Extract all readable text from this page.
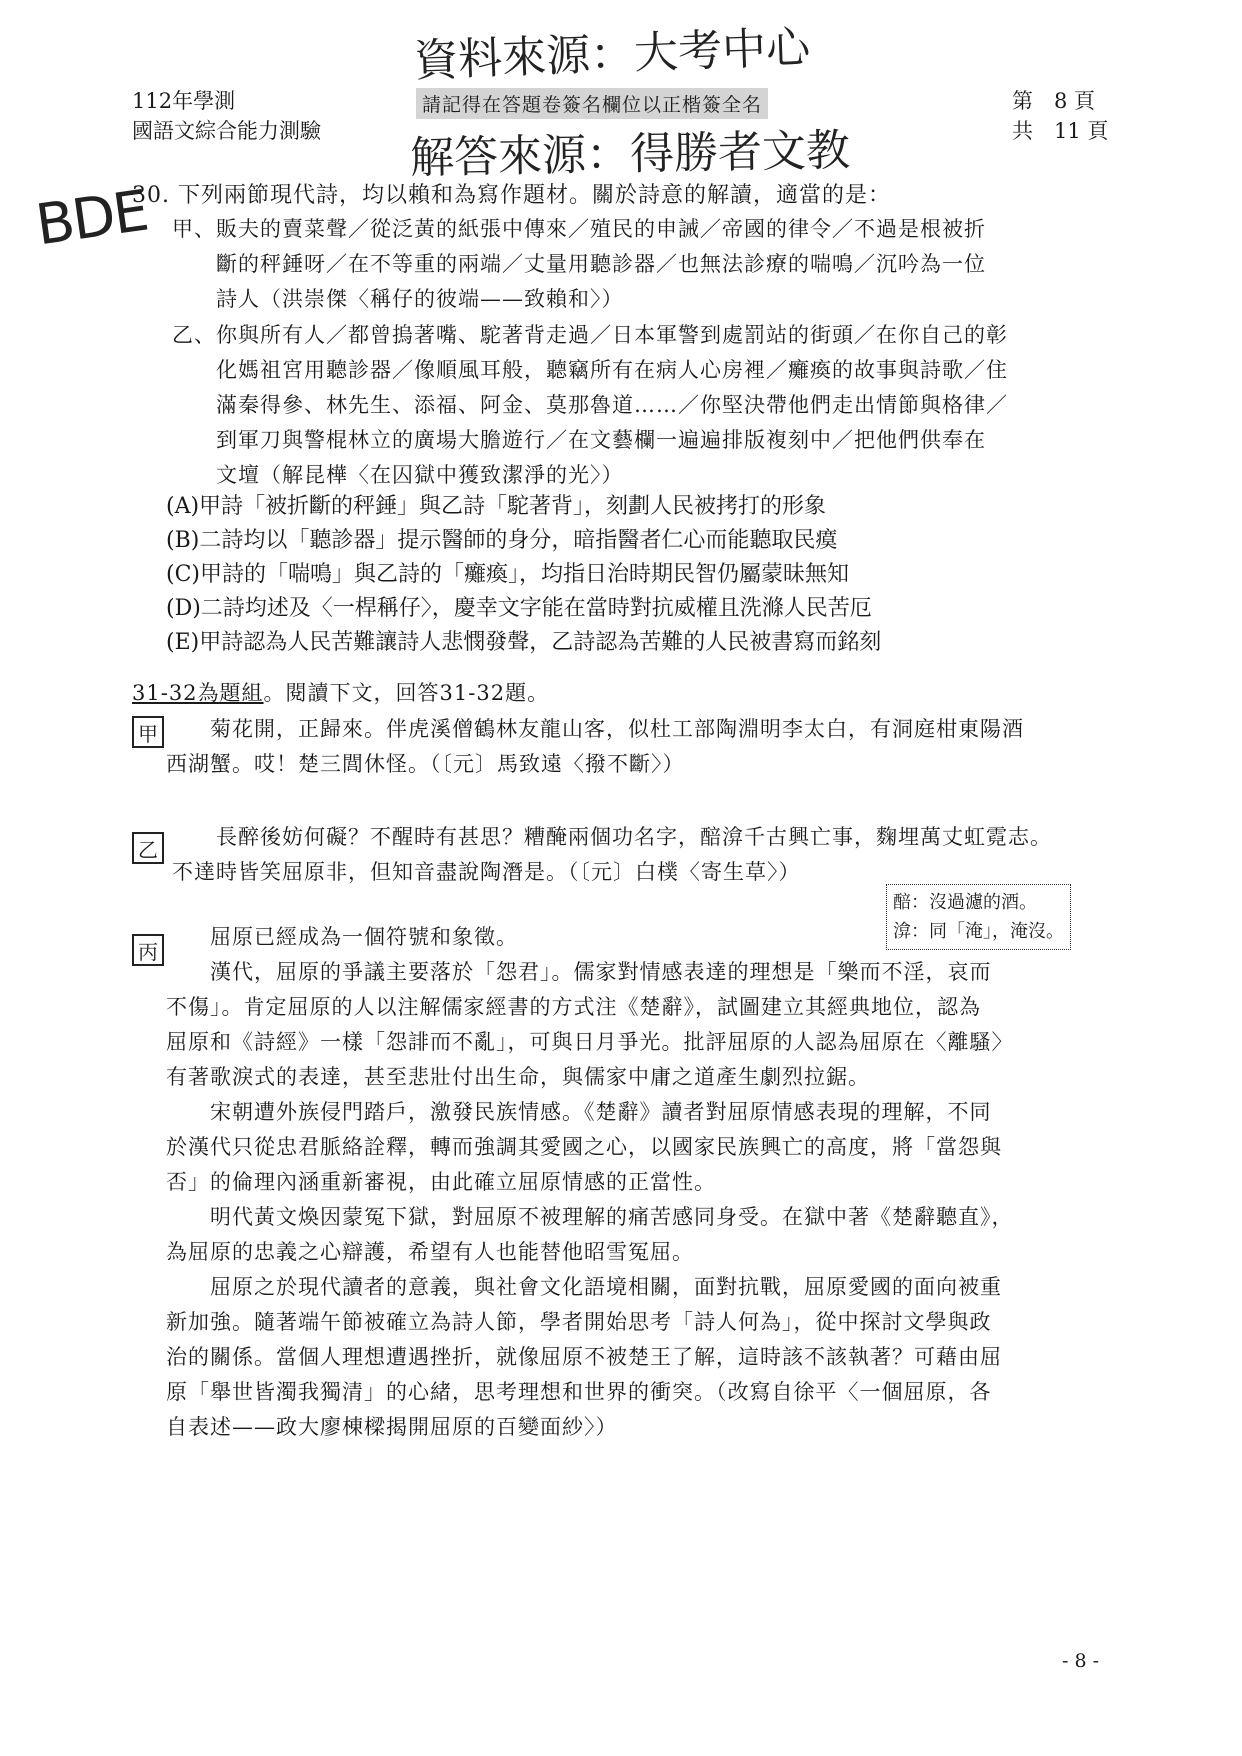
112年學測
國語文綜合能力測驗
資料來源：大考中心
請記得在答題卷簽名欄位以正楷簽全名
解答來源：得勝者文教
第　8 頁
共　11 頁
BDE
30. 下列兩節現代詩，均以賴和為寫作題材。關於詩意的解讀，適當的是：
甲、販夫的賣菜聲／從泛黃的紙張中傳來／殖民的申誡／帝國的律令／不過是根被折
斷的秤錘呀／在不等重的兩端／丈量用聽診器／也無法診療的喘鳴／沉吟為一位
詩人（洪崇傑〈稱仔的彼端——致賴和〉）
乙、你與所有人／都曾摀著嘴、駝著背走過／日本軍警到處罰站的街頭／在你自己的彰
化媽祖宮用聽診器／像順風耳般，聽竊所有在病人心房裡／癱瘓的故事與詩歌／住
滿秦得參、林先生、添福、阿金、莫那魯道……／你堅決帶他們走出情節與格律／
到軍刀與警棍林立的廣場大膽遊行／在文藝欄一遍遍排版複刻中／把他們供奉在
文壇（解昆樺〈在囚獄中獲致潔淨的光〉）
(A)甲詩「被折斷的秤錘」與乙詩「駝著背」，刻劃人民被拷打的形象
(B)二詩均以「聽診器」提示醫師的身分，暗指醫者仁心而能聽取民瘼
(C)甲詩的「喘鳴」與乙詩的「癱瘓」，均指日治時期民智仍屬蒙昧無知
(D)二詩均述及〈一桿稱仔〉，慶幸文字能在當時對抗威權且洗滌人民苦厄
(E)甲詩認為人民苦難讓詩人悲憫發聲，乙詩認為苦難的人民被書寫而銘刻
31-32為題組。閱讀下文，回答31-32題。
甲 　　菊花開，正歸來。伴虎溪僧鶴林友龍山客，似杜工部陶淵明李太白，有洞庭柑東陽酒
西湖蟹。哎！楚三閭休怪。（〔元〕馬致遠〈撥不斷〉）
乙
　　長醉後妨何礙？不醒時有甚思？糟醃兩個功名字，醅渰千古興亡事，麴埋萬丈虹霓志。
不達時皆笑屈原非，但知音盡說陶潛是。（〔元〕白樸〈寄生草〉）
醅：沒過濾的酒。
渰：同「淹」，淹沒。
丙
　　屈原已經成為一個符號和象徵。
　　漢代，屈原的爭議主要落於「怨君」。儒家對情感表達的理想是「樂而不淫，哀而
不傷」。肯定屈原的人以注解儒家經書的方式注《楚辭》，試圖建立其經典地位，認為
屈原和《詩經》一樣「怨誹而不亂」，可與日月爭光。批評屈原的人認為屈原在〈離騷〉
有著歌淚式的表達，甚至悲壯付出生命，與儒家中庸之道產生劇烈拉鋸。
　　宋朝遭外族侵門踏戶，激發民族情感。《楚辭》讀者對屈原情感表現的理解，不同
於漢代只從忠君脈絡詮釋，轉而強調其愛國之心，以國家民族興亡的高度，將「當怨與
否」的倫理內涵重新審視，由此確立屈原情感的正當性。
　　明代黃文煥因蒙冤下獄，對屈原不被理解的痛苦感同身受。在獄中著《楚辭聽直》，
為屈原的忠義之心辯護，希望有人也能替他昭雪冤屈。
　　屈原之於現代讀者的意義，與社會文化語境相關，面對抗戰，屈原愛國的面向被重
新加強。隨著端午節被確立為詩人節，學者開始思考「詩人何為」，從中探討文學與政
治的關係。當個人理想遭遇挫折，就像屈原不被楚王了解，這時該不該執著？可藉由屈
原「舉世皆濁我獨清」的心緒，思考理想和世界的衝突。（改寫自徐平〈一個屈原，各
自表述——政大廖棟樑揭開屈原的百變面紗〉）
- 8 -
